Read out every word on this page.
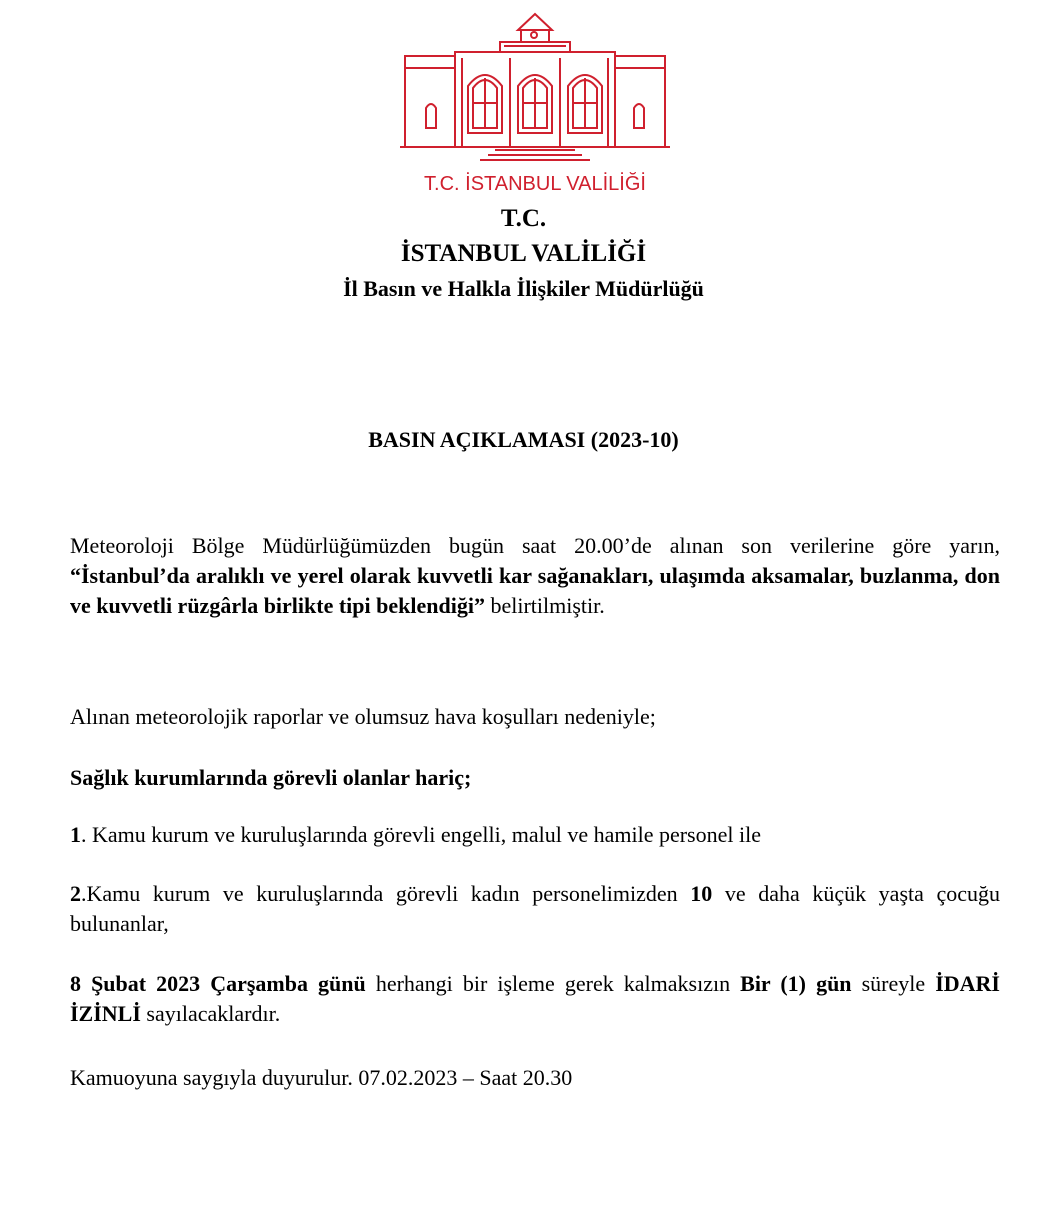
T.C. İSTANBUL VALİLİĞİ
T.C.
İSTANBUL VALİLİĞİ
İl Basın ve Halkla İlişkiler Müdürlüğü
BASIN AÇIKLAMASI (2023-10)
Meteoroloji Bölge Müdürlüğümüzden bugün saat 20.00’de alınan son verilerine göre yarın, “İstanbul’da aralıklı ve yerel olarak kuvvetli kar sağanakları, ulaşımda aksamalar, buzlanma, don ve kuvvetli rüzgârla birlikte tipi beklendiği” belirtilmiştir.
Alınan meteorolojik raporlar ve olumsuz hava koşulları nedeniyle;
Sağlık kurumlarında görevli olanlar hariç;
1. Kamu kurum ve kuruluşlarında görevli engelli, malul ve hamile personel ile
2.Kamu kurum ve kuruluşlarında görevli kadın personelimizden 10 ve daha küçük yaşta çocuğu bulunanlar,
8 Şubat 2023 Çarşamba günü herhangi bir işleme gerek kalmaksızın Bir (1) gün süreyle İDARİ İZİNLİ sayılacaklardır.
Kamuoyuna saygıyla duyurulur. 07.02.2023 – Saat 20.30
